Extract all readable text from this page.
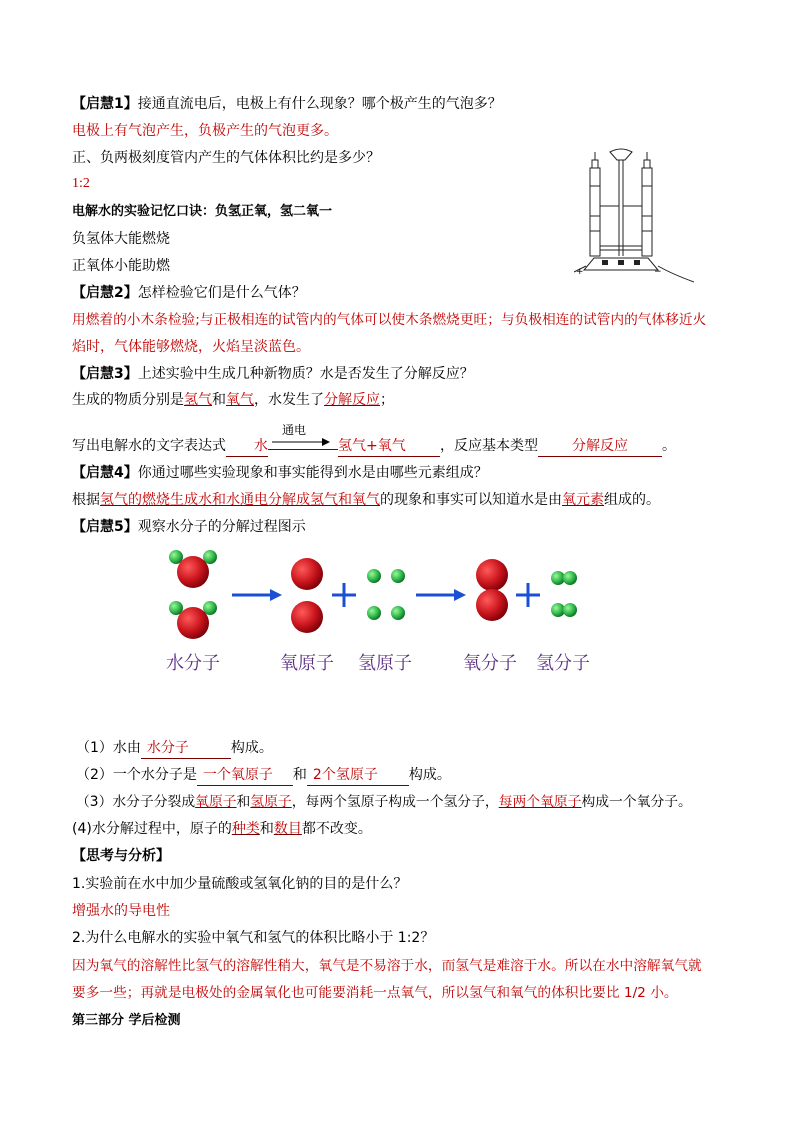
【启慧1】接通直流电后，电极上有什么现象？哪个极产生的气泡多？
电极上有气泡产生，负极产生的气泡更多。
正、负两极刻度管内产生的气体体积比约是多少？
1:2
电解水的实验记忆口诀：负氢正氧，氢二氧一
负氢体大能燃烧
正氧体小能助燃	+	−
【启慧2】怎样检验它们是什么气体？
用燃着的小木条检验;与正极相连的试管内的气体可以使木条燃烧更旺；与负极相连的试管内的气体移近火
焰时，气体能够燃烧，火焰呈淡蓝色。
【启慧3】上述实验中生成几种新物质？水是否发生了分解反应？
生成的物质分别是氢气和氧气，水发生了分解反应；
写出电解水的文字表达式 水	氢气+氧气 ，反应基本类型 分解反应 。
通电
【启慧4】你通过哪些实验现象和事实能得到水是由哪些元素组成？
根据氢气的燃烧生成水和水通电分解成氢气和氧气的现象和事实可以知道水是由氧元素组成的。
【启慧5】观察水分子的分解过程图示
水分子	氧原子 氢原子	氧分子 氢分子
（1）水由 水分子	构成。
（2）一个水分子是 一个氧原子 和 2个氢原子 构成。
（3）水分子分裂成氧原子和氢原子，每两个氢原子构成一个氢分子，每两个氧原子构成一个氧分子。
(4)水分解过程中，原子的种类和数目都不改变。
【思考与分析】
1.实验前在水中加少量硫酸或氢氧化钠的目的是什么？
增强水的导电性
2.为什么电解水的实验中氧气和氢气的体积比略小于 1:2？
因为氧气的溶解性比氢气的溶解性稍大，氧气是不易溶于水，而氢气是难溶于水。所以在水中溶解氧气就
要多一些；再就是电极处的金属氧化也可能要消耗一点氧气，所以氢气和氧气的体积比要比 1/2 小。
第三部分 学后检测
